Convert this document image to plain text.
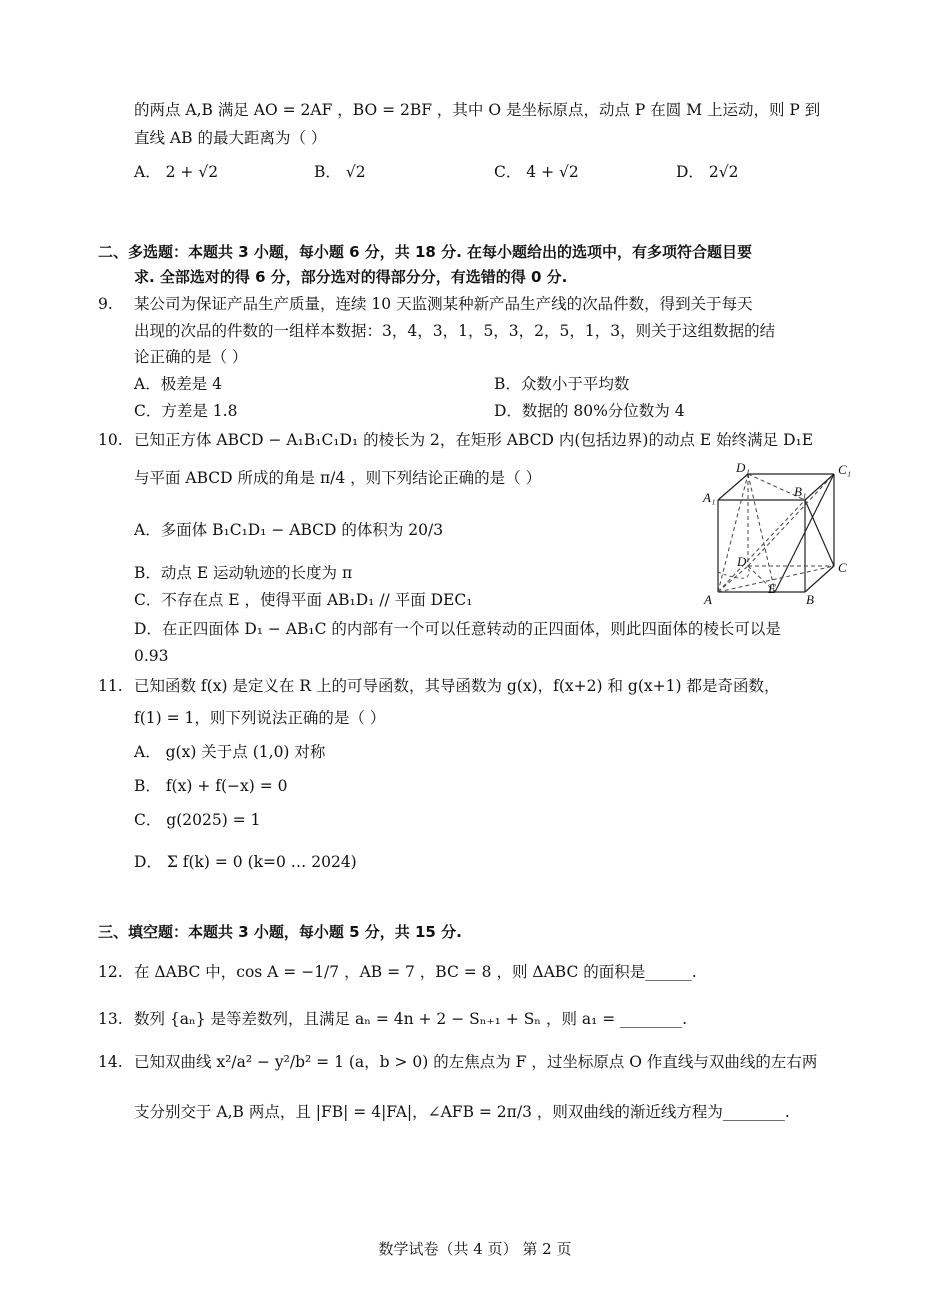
的两点 A,B 满足 AO = 2AF ，BO = 2BF ，其中 O 是坐标原点，动点 P 在圆 M 上运动，则 P 到
直线 AB 的最大距离为（ ）
A． 2 + √2	B． √2	C． 4 + √2	D． 2√2
二、多选题：本题共 3 小题，每小题 6 分，共 18 分. 在每小题给出的选项中，有多项符合题目要
求. 全部选对的得 6 分，部分选对的得部分分，有选错的得 0 分.
9. 某公司为保证产品生产质量，连续 10 天监测某种新产品生产线的次品件数，得到关于每天
出现的次品的件数的一组样本数据：3，4，3，1，5，3，2，5，1，3，则关于这组数据的结
论正确的是（ ）
A．极差是 4	B．众数小于平均数
C．方差是 1.8	D．数据的 80%分位数为 4
10. 已知正方体 ABCD − A₁B₁C₁D₁ 的棱长为 2，在矩形 ABCD 内(包括边界)的动点 E 始终满足 D₁E
与平面 ABCD 所成的角是 π/4 ，则下列结论正确的是（ ）
A．多面体 B₁C₁D₁ − ABCD 的体积为 20/3
B．动点 E 运动轨迹的长度为 π
C．不存在点 E ，使得平面 AB₁D₁ // 平面 DEC₁
D．在正四面体 D₁ − AB₁C 的内部有一个可以任意转动的正四面体，则此四面体的棱长可以是
0.93
D₁	C₁
A₁	B₁
D	C
A
E
B
11. 已知函数 f(x) 是定义在 R 上的可导函数，其导函数为 g(x)，f(x+2) 和 g(x+1) 都是奇函数，
f(1) = 1，则下列说法正确的是（ ）
A． g(x) 关于点 (1,0) 对称
B． f(x) + f(−x) = 0
C． g(2025) = 1
D． Σ f(k) = 0 (k=0 … 2024)
三、填空题：本题共 3 小题，每小题 5 分，共 15 分.
12. 在 ΔABC 中，cos A = −1/7 ，AB = 7 ，BC = 8 ，则 ΔABC 的面积是______.
13. 数列 {aₙ} 是等差数列，且满足 aₙ = 4n + 2 − Sₙ₊₁ + Sₙ ，则 a₁ = ________.
14. 已知双曲线 x²/a² − y²/b² = 1 (a，b > 0) 的左焦点为 F ，过坐标原点 O 作直线与双曲线的左右两
支分别交于 A,B 两点，且 |FB| = 4|FA|，∠AFB = 2π/3 ，则双曲线的渐近线方程为________.
数学试卷（共 4 页） 第 2 页
